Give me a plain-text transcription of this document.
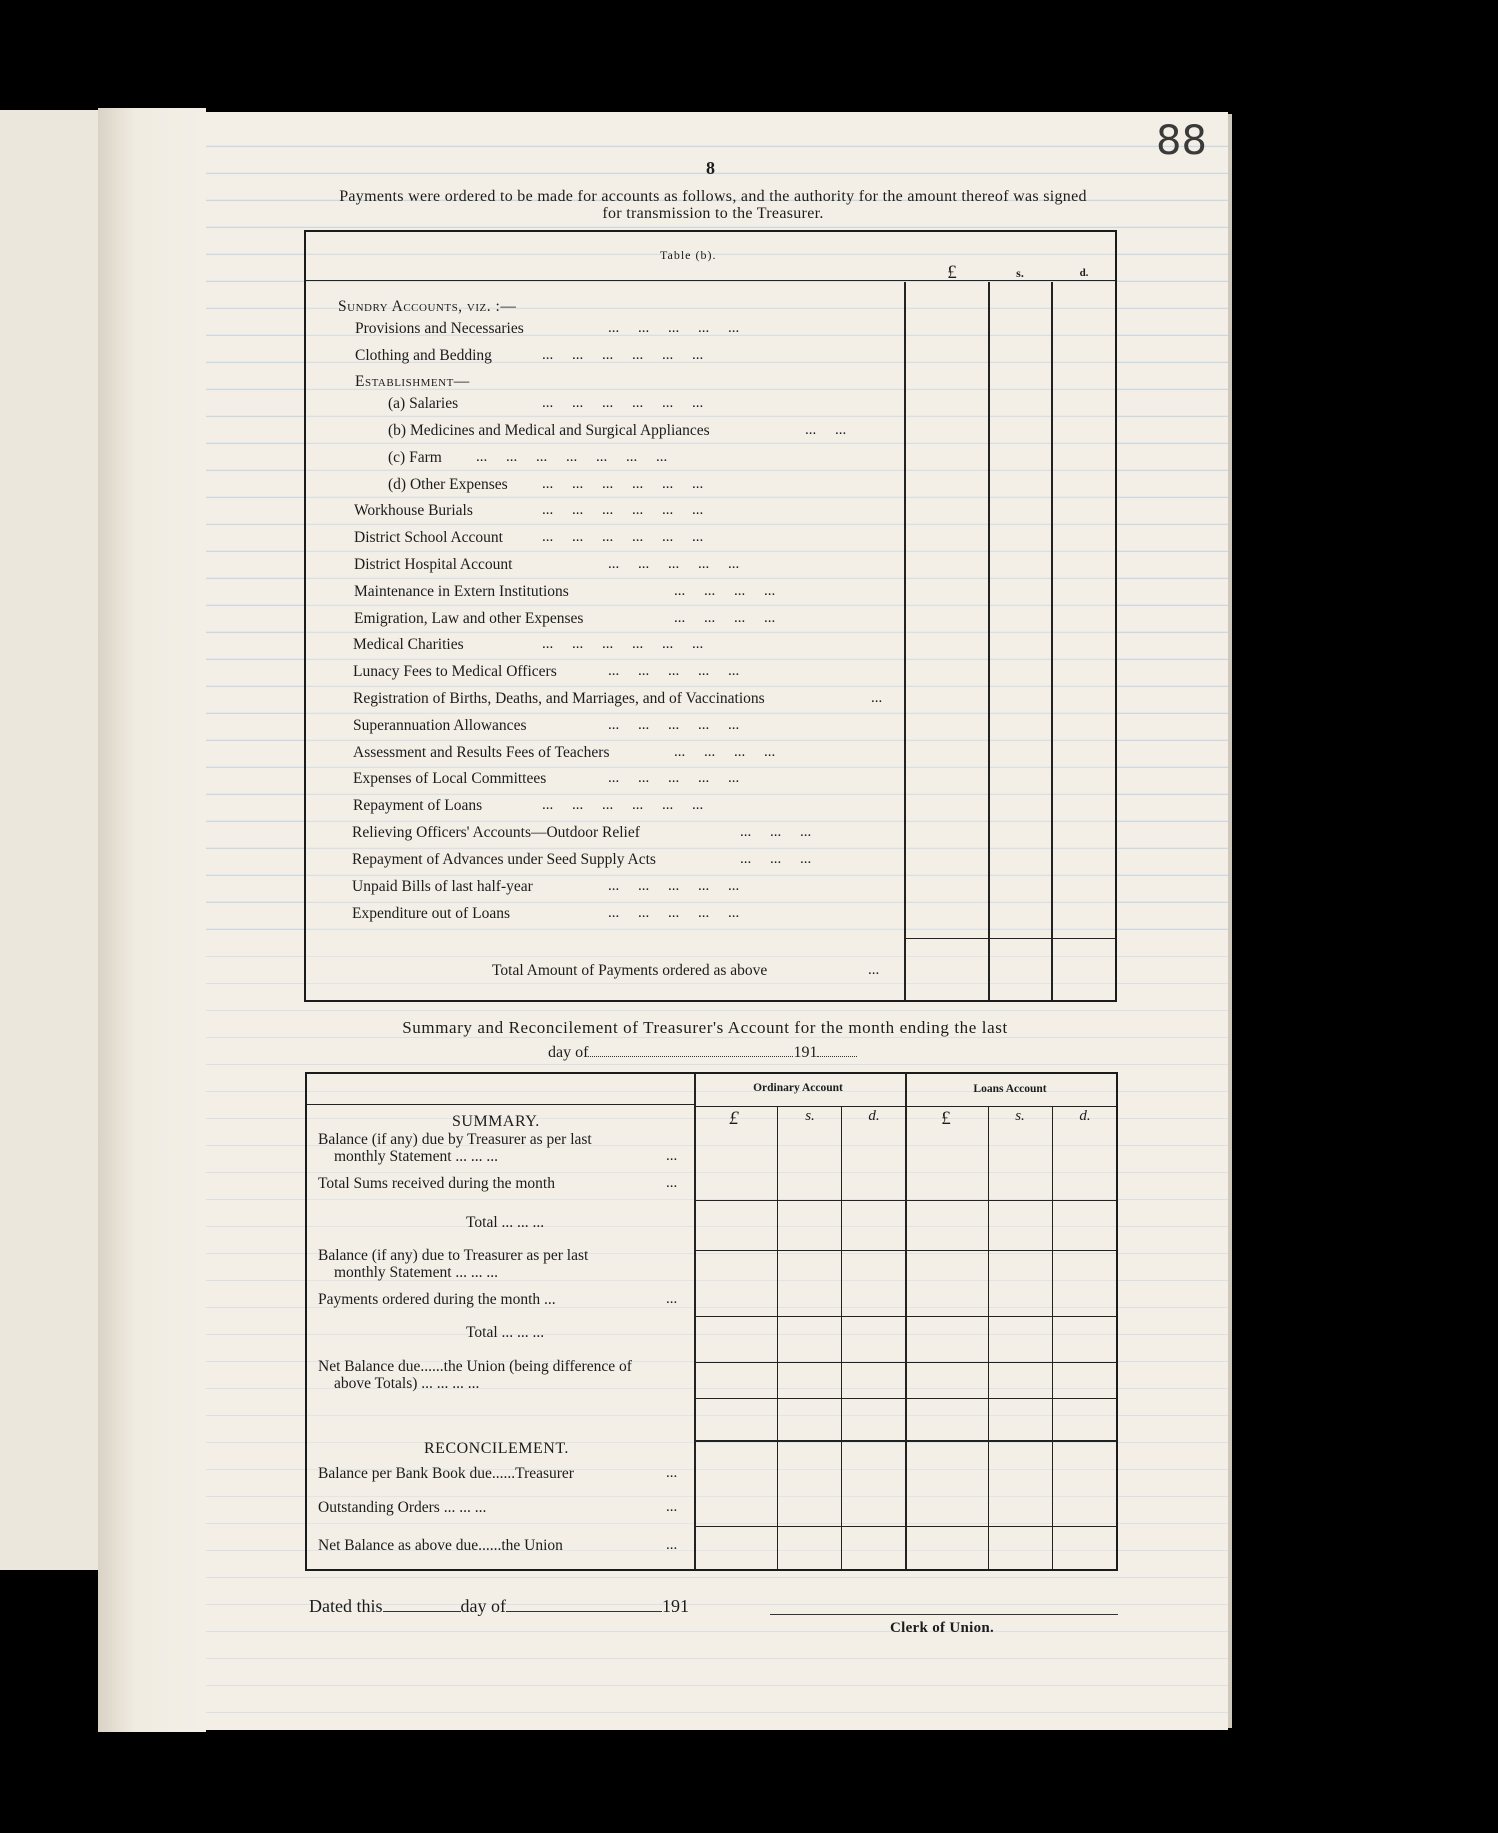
88
8
Payments were ordered to be made for accounts as follows, and the authority for the amount thereof was signed for transmission to the Treasurer.
Table (b).
£	s.	d.
Sundry Accounts, viz. :—
Provisions and Necessaries	...     ...     ...     ...     ...
Clothing and Bedding	...     ...     ...     ...     ...     ...
Establishment—
(a) Salaries	...     ...     ...     ...     ...     ...
(b) Medicines and Medical and Surgical Appliances	...     ...
(c) Farm ...     ...     ...     ...     ...     ...     ...
(d) Other Expenses ...     ...     ...     ...     ...     ...
Workhouse Burials	...     ...     ...     ...     ...     ...
District School Account	...     ...     ...     ...     ...     ...
District Hospital Account	...     ...     ...     ...     ...
Maintenance in Extern Institutions	...     ...     ...     ...
Emigration, Law and other Expenses	...     ...     ...     ...
Medical Charities	...     ...     ...     ...     ...     ...
Lunacy Fees to Medical Officers	...     ...     ...     ...     ...
Registration of Births, Deaths, and Marriages, and of Vaccinations	...
Superannuation Allowances	...     ...     ...     ...     ...
Assessment and Results Fees of Teachers	...     ...     ...     ...
Expenses of Local Committees	...     ...     ...     ...     ...
Repayment of Loans	...     ...     ...     ...     ...     ...
Relieving Officers' Accounts—Outdoor Relief	...     ...     ...
Repayment of Advances under Seed Supply Acts	...     ...     ...
Unpaid Bills of last half-year	...     ...     ...     ...     ...
Expenditure out of Loans	...     ...     ...     ...     ...
Total Amount of Payments ordered as above	...
Summary and Reconcilement of Treasurer's Account for the month ending the last
day of	191
Ordinary Account	Loans Account
£	s.	d.	£	s.	d.
SUMMARY.
Balance (if any) due by Treasurer as per last
monthly Statement ... ... ...	...
Total Sums received during the month	...
Total ... ... ...
Balance (if any) due to Treasurer as per last
monthly Statement ... ... ...
Payments ordered during the month ...	...
Total ... ... ...
Net Balance due......the Union (being difference of
above Totals) ... ... ... ...
RECONCILEMENT.
Balance per Bank Book due......Treasurer	...
Outstanding Orders ... ... ...	...
Net Balance as above due......the Union	...
Dated this	day of	191
Clerk of Union.
